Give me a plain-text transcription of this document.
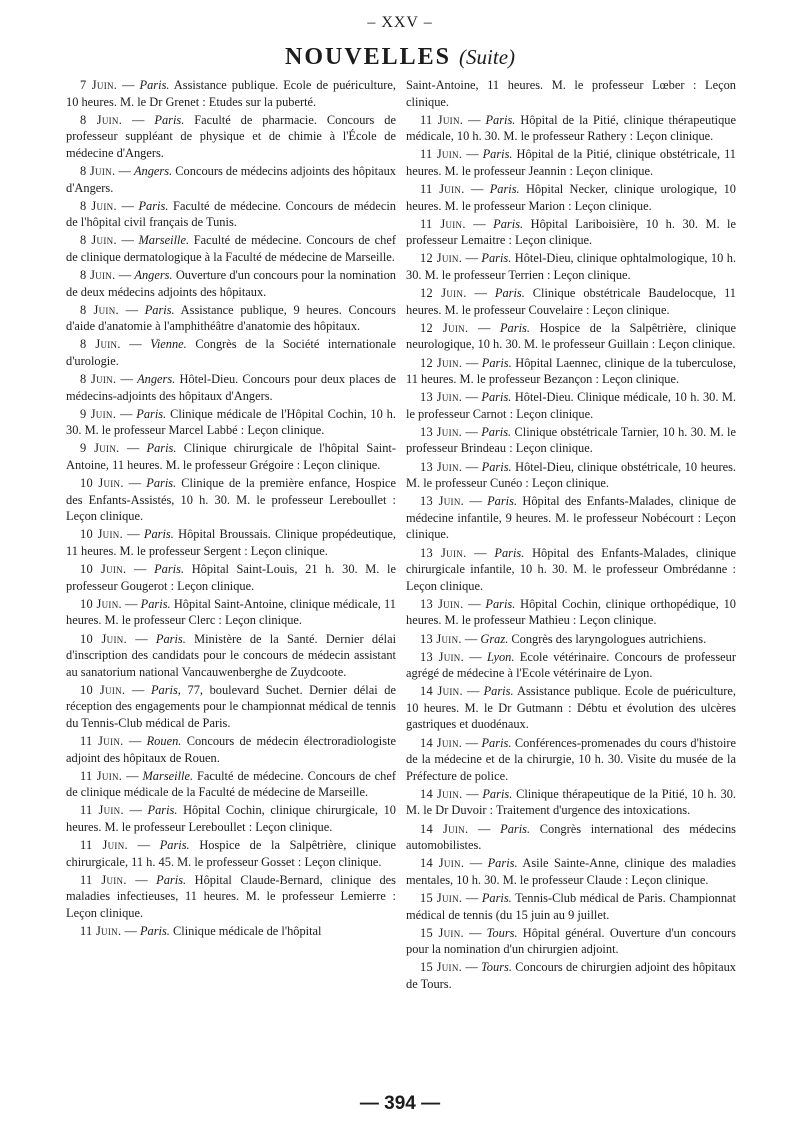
– XXV –
NOUVELLES (Suite)

7 Juin. — Paris. Assistance publique. Ecole de puériculture, 10 heures. M. le Dr Grenet : Etudes sur la puberté.

8 Juin. — Paris. Faculté de pharmacie. Concours de professeur suppléant de physique et de chimie à l'École de médecine d'Angers.

8 Juin. — Angers. Concours de médecins adjoints des hôpitaux d'Angers.

8 Juin. — Paris. Faculté de médecine. Concours de médecin de l'hôpital civil français de Tunis.

8 Juin. — Marseille. Faculté de médecine. Concours de chef de clinique dermatologique à la Faculté de médecine de Marseille.

8 Juin. — Angers. Ouverture d'un concours pour la nomination de deux médecins adjoints des hôpitaux.

8 Juin. — Paris. Assistance publique, 9 heures. Concours d'aide d'anatomie à l'amphithéâtre d'anatomie des hôpitaux.

8 Juin. — Vienne. Congrès de la Société internationale d'urologie.

8 Juin. — Angers. Hôtel-Dieu. Concours pour deux places de médecins-adjoints des hôpitaux d'Angers.

9 Juin. — Paris. Clinique médicale de l'Hôpital Cochin, 10 h. 30. M. le professeur Marcel Labbé : Leçon clinique.

9 Juin. — Paris. Clinique chirurgicale de l'hôpital Saint-Antoine, 11 heures. M. le professeur Grégoire : Leçon clinique.

10 Juin. — Paris. Clinique de la première enfance, Hospice des Enfants-Assistés, 10 h. 30. M. le professeur Lereboullet : Leçon clinique.

10 Juin. — Paris. Hôpital Broussais. Clinique propédeutique, 11 heures. M. le professeur Sergent : Leçon clinique.

10 Juin. — Paris. Hôpital Saint-Louis, 21 h. 30. M. le professeur Gougerot : Leçon clinique.

10 Juin. — Paris. Hôpital Saint-Antoine, clinique médicale, 11 heures. M. le professeur Clerc : Leçon clinique.

10 Juin. — Paris. Ministère de la Santé. Dernier délai d'inscription des candidats pour le concours de médecin assistant au sanatorium national Vancauwenberghe de Zuydcoote.

10 Juin. — Paris, 77, boulevard Suchet. Dernier délai de réception des engagements pour le championnat médical de tennis du Tennis-Club médical de Paris.

11 Juin. — Rouen. Concours de médecin électroradiologiste adjoint des hôpitaux de Rouen.

11 Juin. — Marseille. Faculté de médecine. Concours de chef de clinique médicale de la Faculté de médecine de Marseille.

11 Juin. — Paris. Hôpital Cochin, clinique chirurgicale, 10 heures. M. le professeur Lereboullet : Leçon clinique.

11 Juin. — Paris. Hospice de la Salpêtrière, clinique chirurgicale, 11 h. 45. M. le professeur Gosset : Leçon clinique.

11 Juin. — Paris. Hôpital Claude-Bernard, clinique des maladies infectieuses, 11 heures. M. le professeur Lemierre : Leçon clinique.

11 Juin. — Paris. Clinique médicale de l'hôpital

Saint-Antoine, 11 heures. M. le professeur Lœber : Leçon clinique.

11 Juin. — Paris. Hôpital de la Pitié, clinique thérapeutique médicale, 10 h. 30. M. le professeur Rathery : Leçon clinique.

11 Juin. — Paris. Hôpital de la Pitié, clinique obstétricale, 11 heures. M. le professeur Jeannin : Leçon clinique.

11 Juin. — Paris. Hôpital Necker, clinique urologique, 10 heures. M. le professeur Marion : Leçon clinique.

11 Juin. — Paris. Hôpital Lariboisière, 10 h. 30. M. le professeur Lemaitre : Leçon clinique.

12 Juin. — Paris. Hôtel-Dieu, clinique ophtalmologique, 10 h. 30. M. le professeur Terrien : Leçon clinique.

12 Juin. — Paris. Clinique obstétricale Baudelocque, 11 heures. M. le professeur Couvelaire : Leçon clinique.

12 Juin. — Paris. Hospice de la Salpêtrière, clinique neurologique, 10 h. 30. M. le professeur Guillain : Leçon clinique.

12 Juin. — Paris. Hôpital Laennec, clinique de la tuberculose, 11 heures. M. le professeur Bezançon : Leçon clinique.

13 Juin. — Paris. Hôtel-Dieu. Clinique médicale, 10 h. 30. M. le professeur Carnot : Leçon clinique.

13 Juin. — Paris. Clinique obstétricale Tarnier, 10 h. 30. M. le professeur Brindeau : Leçon clinique.

13 Juin. — Paris. Hôtel-Dieu, clinique obstétricale, 10 heures. M. le professeur Cunéo : Leçon clinique.

13 Juin. — Paris. Hôpital des Enfants-Malades, clinique de médecine infantile, 9 heures. M. le professeur Nobécourt : Leçon clinique.

13 Juin. — Paris. Hôpital des Enfants-Malades, clinique chirurgicale infantile, 10 h. 30. M. le professeur Ombrédanne : Leçon clinique.

13 Juin. — Paris. Hôpital Cochin, clinique orthopédique, 10 heures. M. le professeur Mathieu : Leçon clinique.

13 Juin. — Graz. Congrès des laryngologues autrichiens.

13 Juin. — Lyon. Ecole vétérinaire. Concours de professeur agrégé de médecine à l'Ecole vétérinaire de Lyon.

14 Juin. — Paris. Assistance publique. Ecole de puériculture, 10 heures. M. le Dr Gutmann : Débtu et évolution des ulcères gastriques et duodénaux.

14 Juin. — Paris. Conférences-promenades du cours d'histoire de la médecine et de la chirurgie, 10 h. 30. Visite du musée de la Préfecture de police.

14 Juin. — Paris. Clinique thérapeutique de la Pitié, 10 h. 30. M. le Dr Duvoir : Traitement d'urgence des intoxications.

14 Juin. — Paris. Congrès international des médecins automobilistes.

14 Juin. — Paris. Asile Sainte-Anne, clinique des maladies mentales, 10 h. 30. M. le professeur Claude : Leçon clinique.

15 Juin. — Paris. Tennis-Club médical de Paris. Championnat médical de tennis (du 15 juin au 9 juillet.

15 Juin. — Tours. Hôpital général. Ouverture d'un concours pour la nomination d'un chirurgien adjoint.

15 Juin. — Tours. Concours de chirurgien adjoint des hôpitaux de Tours.

— 394 —
